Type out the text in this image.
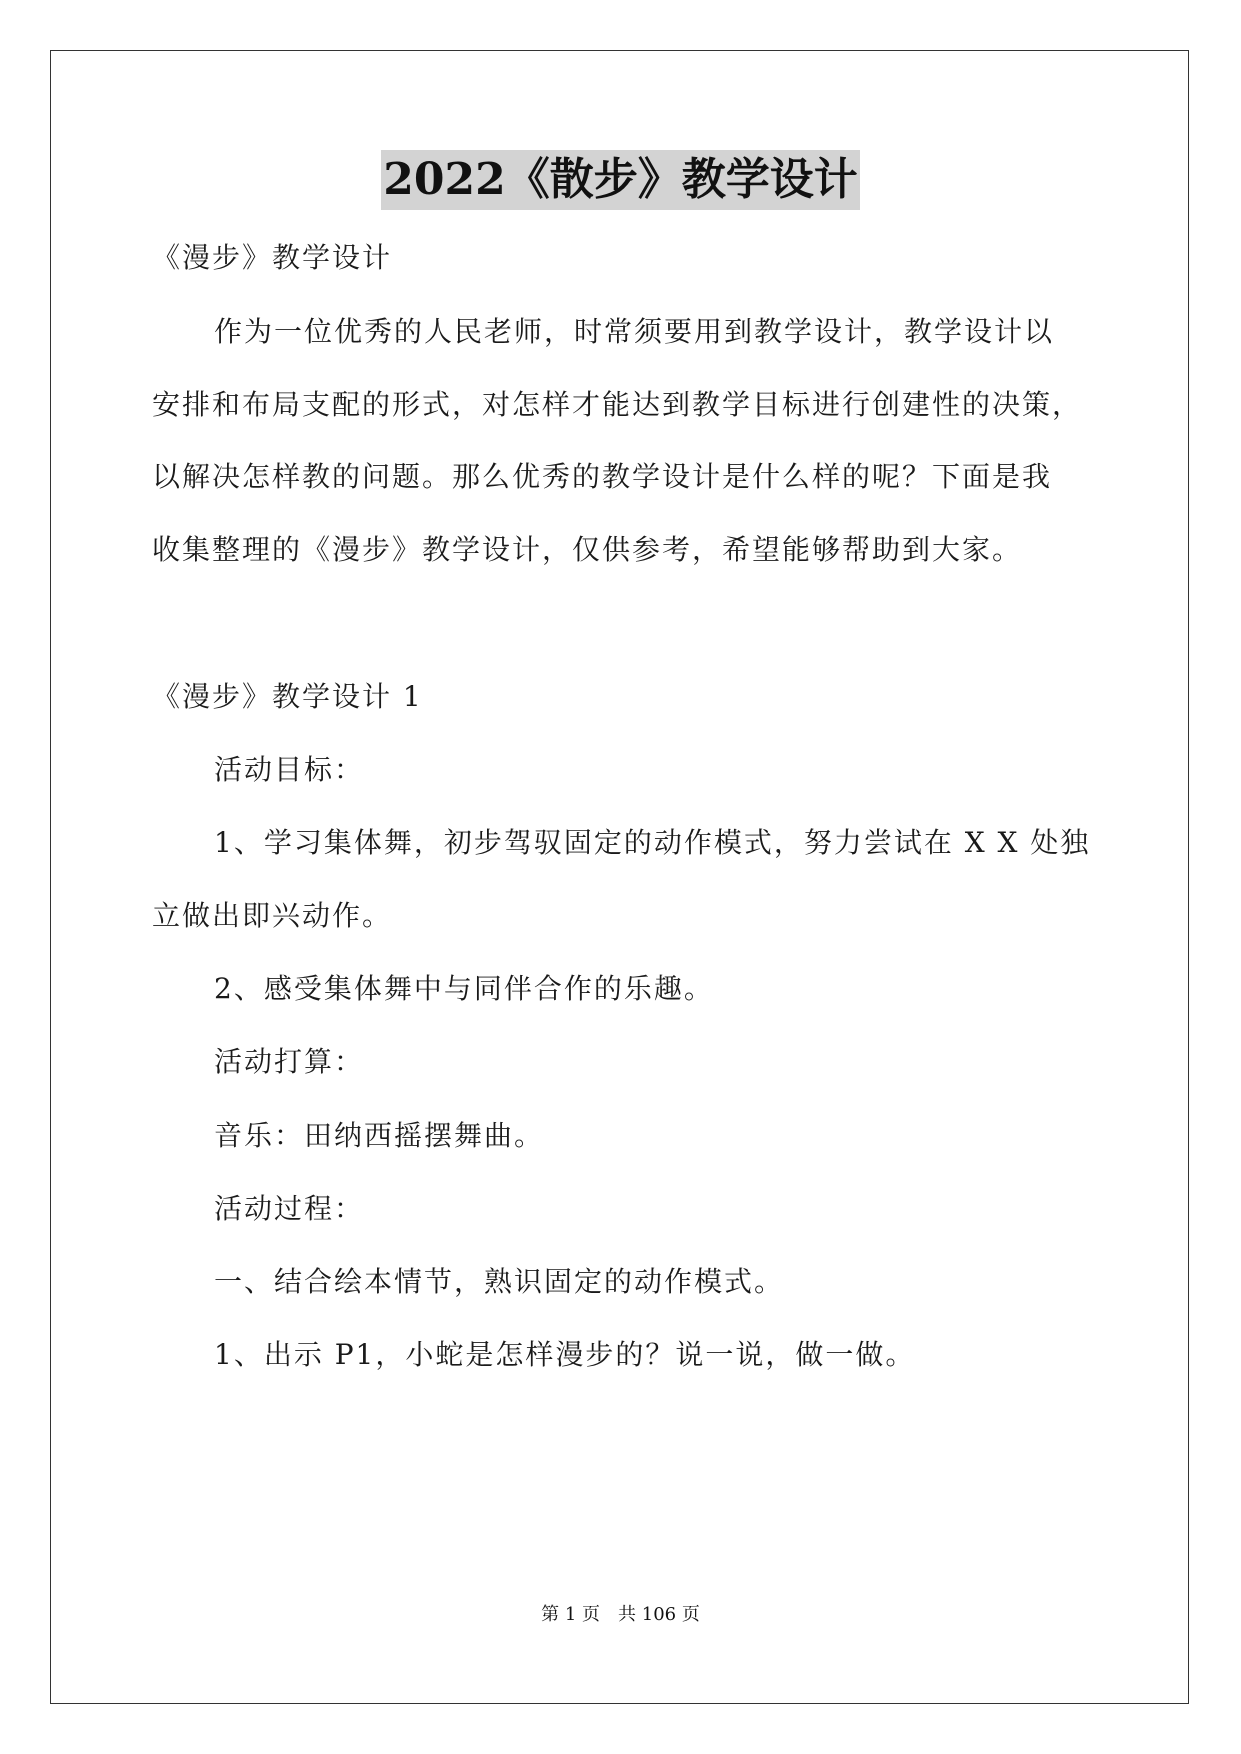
2022《散步》教学设计
《漫步》教学设计
作为一位优秀的人民老师，时常须要用到教学设计，教学设计以
安排和布局支配的形式，对怎样才能达到教学目标进行创建性的决策，
以解决怎样教的问题。那么优秀的教学设计是什么样的呢？下面是我
收集整理的《漫步》教学设计，仅供参考，希望能够帮助到大家。
《漫步》教学设计 1
活动目标：
1、学习集体舞，初步驾驭固定的动作模式，努力尝试在 X X 处独
立做出即兴动作。
2、感受集体舞中与同伴合作的乐趣。
活动打算：
音乐：田纳西摇摆舞曲。
活动过程：
一、结合绘本情节，熟识固定的动作模式。
1、出示 P1，小蛇是怎样漫步的？说一说，做一做。
第 1 页　共 106 页
